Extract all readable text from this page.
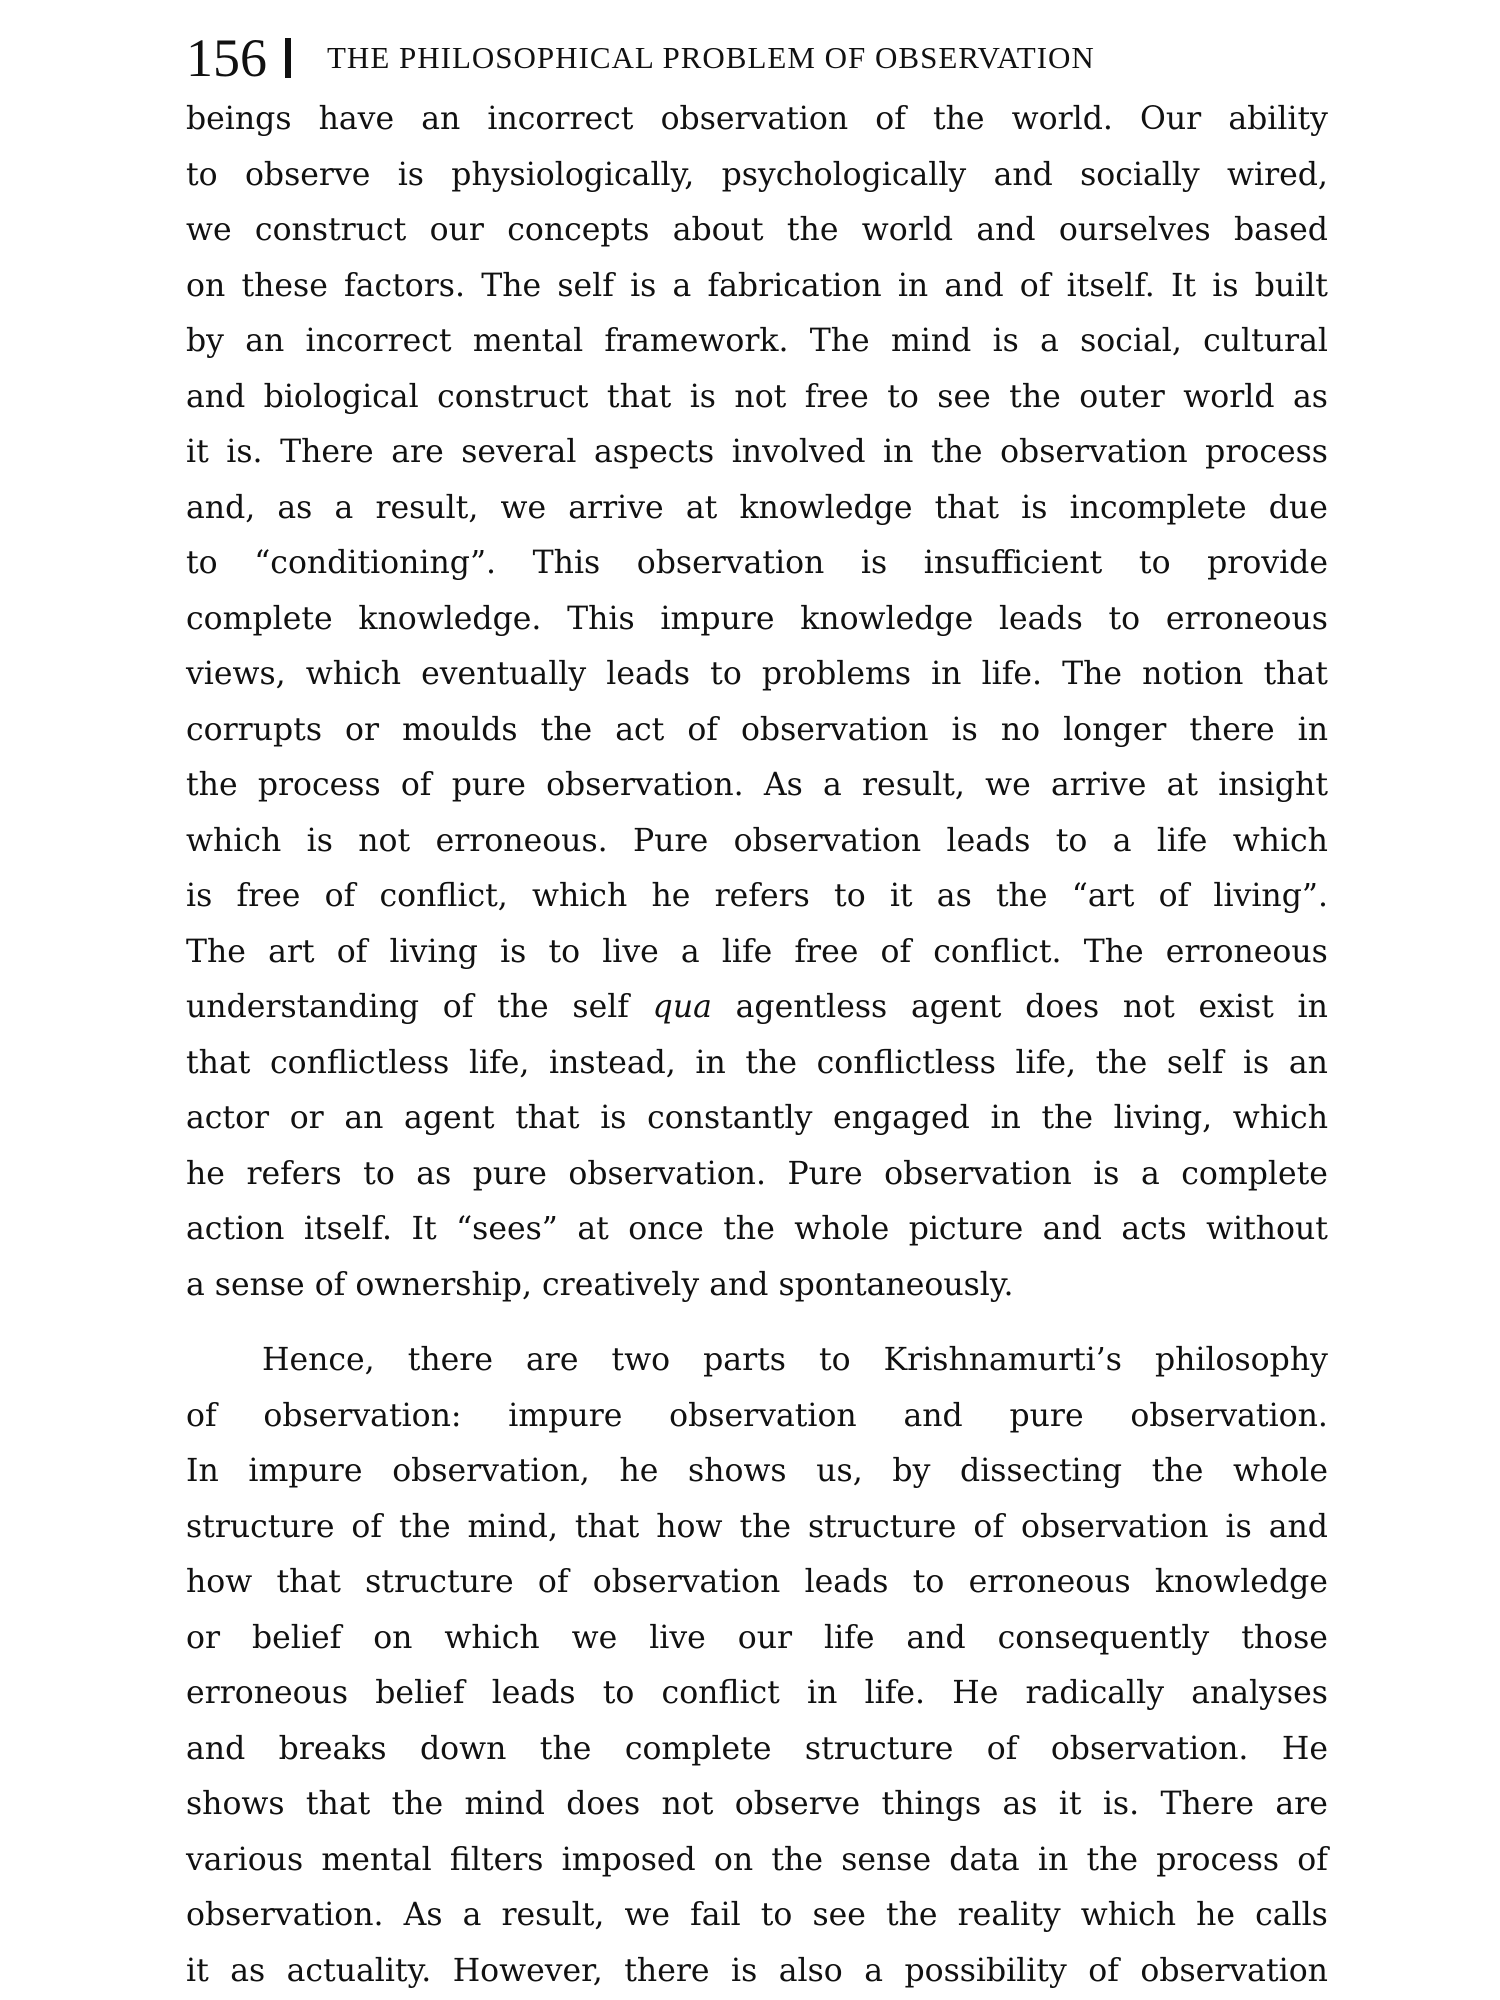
156 THE PHILOSOPHICAL PROBLEM OF OBSERVATION
beings have an incorrect observation of the world. Our ability
to observe is physiologically, psychologically and socially wired,
we construct our concepts about the world and ourselves based
on these factors. The self is a fabrication in and of itself. It is built
by an incorrect mental framework. The mind is a social, cultural
and biological construct that is not free to see the outer world as
it is. There are several aspects involved in the observation process
and, as a result, we arrive at knowledge that is incomplete due
to “conditioning”. This observation is insufficient to provide
complete knowledge. This impure knowledge leads to erroneous
views, which eventually leads to problems in life. The notion that
corrupts or moulds the act of observation is no longer there in
the process of pure observation. As a result, we arrive at insight
which is not erroneous. Pure observation leads to a life which
is free of conflict, which he refers to it as the “art of living”.
The art of living is to live a life free of conflict. The erroneous
understanding of the self qua agentless agent does not exist in
that conflictless life, instead, in the conflictless life, the self is an
actor or an agent that is constantly engaged in the living, which
he refers to as pure observation. Pure observation is a complete
action itself. It “sees” at once the whole picture and acts without
a sense of ownership, creatively and spontaneously.
Hence, there are two parts to Krishnamurti’s philosophy
of observation: impure observation and pure observation.
In impure observation, he shows us, by dissecting the whole
structure of the mind, that how the structure of observation is and
how that structure of observation leads to erroneous knowledge
or belief on which we live our life and consequently those
erroneous belief leads to conflict in life. He radically analyses
and breaks down the complete structure of observation. He
shows that the mind does not observe things as it is. There are
various mental filters imposed on the sense data in the process of
observation. As a result, we fail to see the reality which he calls
it as actuality. However, there is also a possibility of observation
